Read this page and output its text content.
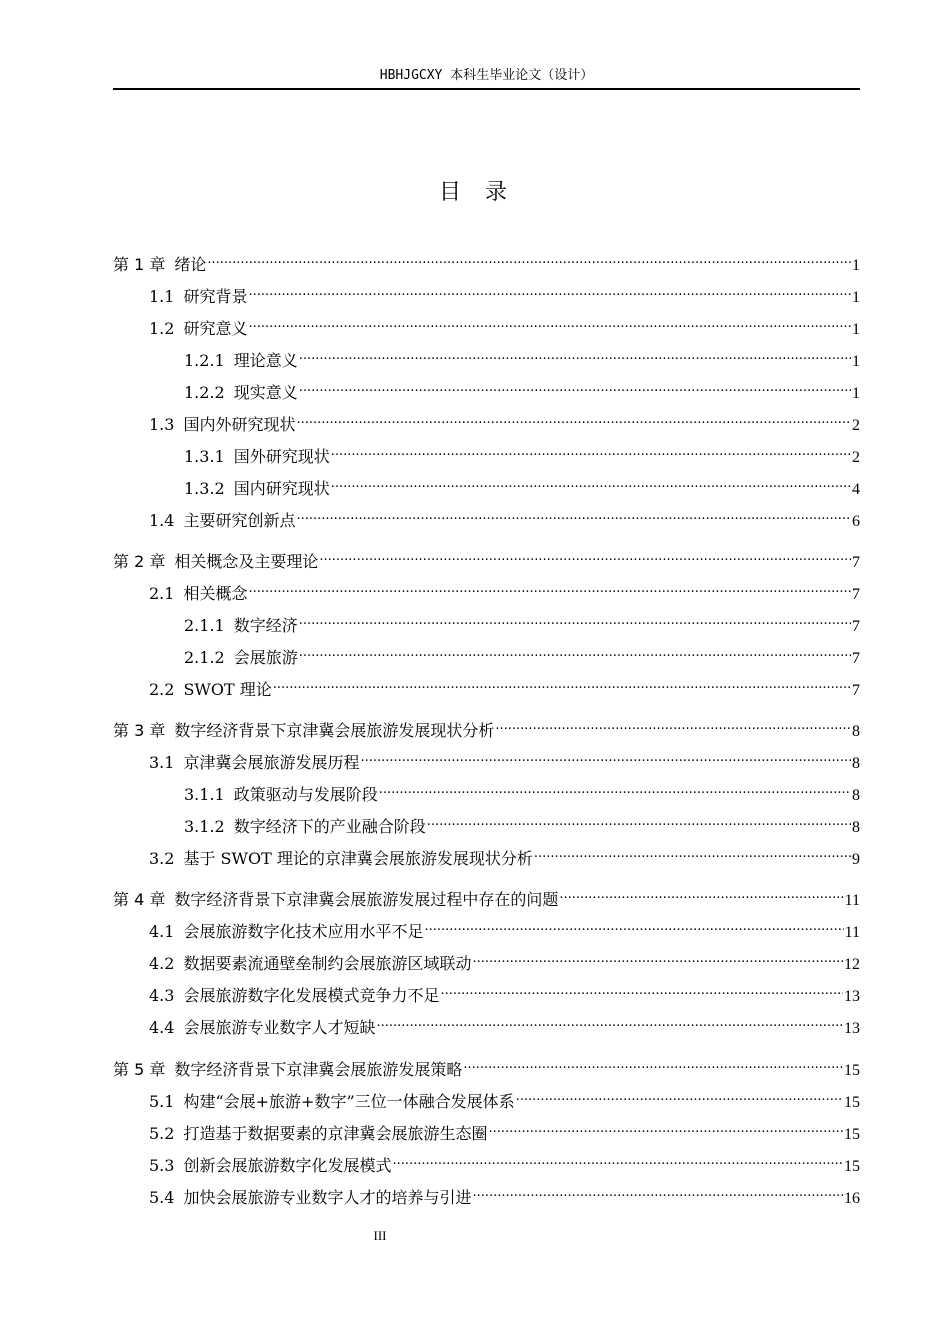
HBHJGCXY 本科生毕业论文（设计）
目录
第 1 章 绪论 .....	1
1.1 研究背景 .....	1
1.2 研究意义 .....	1
1.2.1 理论意义 .....	1
1.2.2 现实意义 .....	1
1.3 国内外研究现状 .....	2
1.3.1 国外研究现状 .....	2
1.3.2 国内研究现状 .....	4
1.4 主要研究创新点 .....	6
第 2 章 相关概念及主要理论 .....	7
2.1 相关概念 .....	7
2.1.1 数字经济 .....	7
2.1.2 会展旅游 .....	7
2.2 SWOT 理论 .....	7
第 3 章 数字经济背景下京津冀会展旅游发展现状分析 .....	8
3.1 京津冀会展旅游发展历程 .....	8
3.1.1 政策驱动与发展阶段 .....	8
3.1.2 数字经济下的产业融合阶段 .....	8
3.2 基于 SWOT 理论的京津冀会展旅游发展现状分析 .....	9
第 4 章 数字经济背景下京津冀会展旅游发展过程中存在的问题 .....	11
4.1 会展旅游数字化技术应用水平不足 .....	11
4.2 数据要素流通壁垒制约会展旅游区域联动 .....	12
4.3 会展旅游数字化发展模式竞争力不足 .....	13
4.4 会展旅游专业数字人才短缺 .....	13
第 5 章 数字经济背景下京津冀会展旅游发展策略 .....	15
5.1 构建“会展+旅游+数字”三位一体融合发展体系 .....	15
5.2 打造基于数据要素的京津冀会展旅游生态圈 .....	15
5.3 创新会展旅游数字化发展模式 .....	15
5.4 加快会展旅游专业数字人才的培养与引进 .....	16
III
